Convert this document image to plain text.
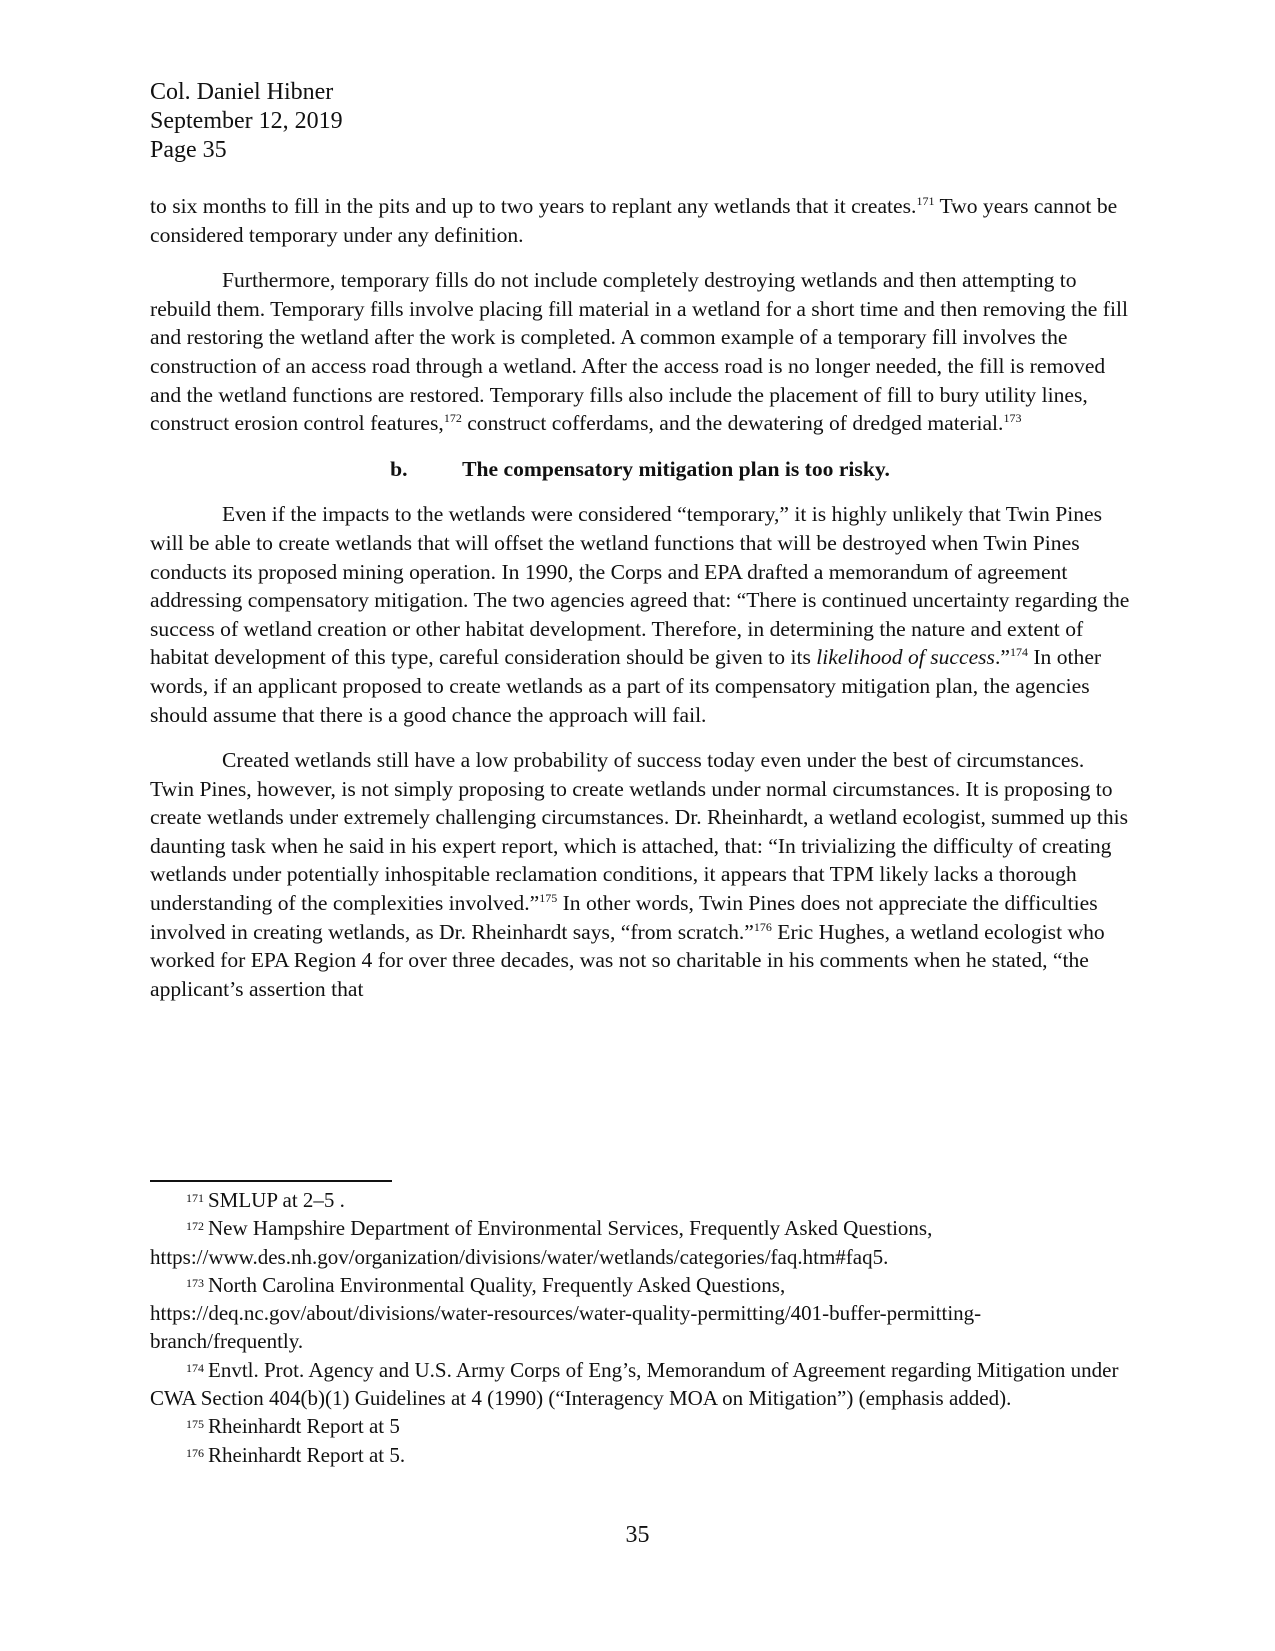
Col. Daniel Hibner
September 12, 2019
Page 35

to six months to fill in the pits and up to two years to replant any wetlands that it creates.$^{171}$ Two years cannot be considered temporary under any definition.

Furthermore, temporary fills do not include completely destroying wetlands and then attempting to rebuild them. Temporary fills involve placing fill material in a wetland for a short time and then removing the fill and restoring the wetland after the work is completed. A common example of a temporary fill involves the construction of an access road through a wetland. After the access road is no longer needed, the fill is removed and the wetland functions are restored. Temporary fills also include the placement of fill to bury utility lines, construct erosion control features,$^{172}$ construct cofferdams, and the dewatering of dredged material.$^{173}$

b.	The compensatory mitigation plan is too risky.

Even if the impacts to the wetlands were considered “temporary,” it is highly unlikely that Twin Pines will be able to create wetlands that will offset the wetland functions that will be destroyed when Twin Pines conducts its proposed mining operation. In 1990, the Corps and EPA drafted a memorandum of agreement addressing compensatory mitigation. The two agencies agreed that: “There is continued uncertainty regarding the success of wetland creation or other habitat development. Therefore, in determining the nature and extent of habitat development of this type, careful consideration should be given to its likelihood of success.”$^{174}$ In other words, if an applicant proposed to create wetlands as a part of its compensatory mitigation plan, the agencies should assume that there is a good chance the approach will fail.

Created wetlands still have a low probability of success today even under the best of circumstances. Twin Pines, however, is not simply proposing to create wetlands under normal circumstances. It is proposing to create wetlands under extremely challenging circumstances. Dr. Rheinhardt, a wetland ecologist, summed up this daunting task when he said in his expert report, which is attached, that: “In trivializing the difficulty of creating wetlands under potentially inhospitable reclamation conditions, it appears that TPM likely lacks a thorough understanding of the complexities involved.”$^{175}$ In other words, Twin Pines does not appreciate the difficulties involved in creating wetlands, as Dr. Rheinhardt says, “from scratch.”$^{176}$ Eric Hughes, a wetland ecologist who worked for EPA Region 4 for over three decades, was not so charitable in his comments when he stated, “the applicant’s assertion that

$^{171}$ SMLUP at 2–5 .

$^{172}$ New Hampshire Department of Environmental Services, Frequently Asked Questions, https://www.des.nh.gov/organization/divisions/water/wetlands/categories/faq.htm#faq5.

$^{173}$ North Carolina Environmental Quality, Frequently Asked Questions, https://deq.nc.gov/about/divisions/water-resources/water-quality-permitting/401-buffer-permitting-branch/frequently.

$^{174}$ Envtl. Prot. Agency and U.S. Army Corps of Eng’s, Memorandum of Agreement regarding Mitigation under CWA Section 404(b)(1) Guidelines at 4 (1990) (“Interagency MOA on Mitigation”) (emphasis added).

$^{175}$ Rheinhardt Report at 5

$^{176}$ Rheinhardt Report at 5.

35
